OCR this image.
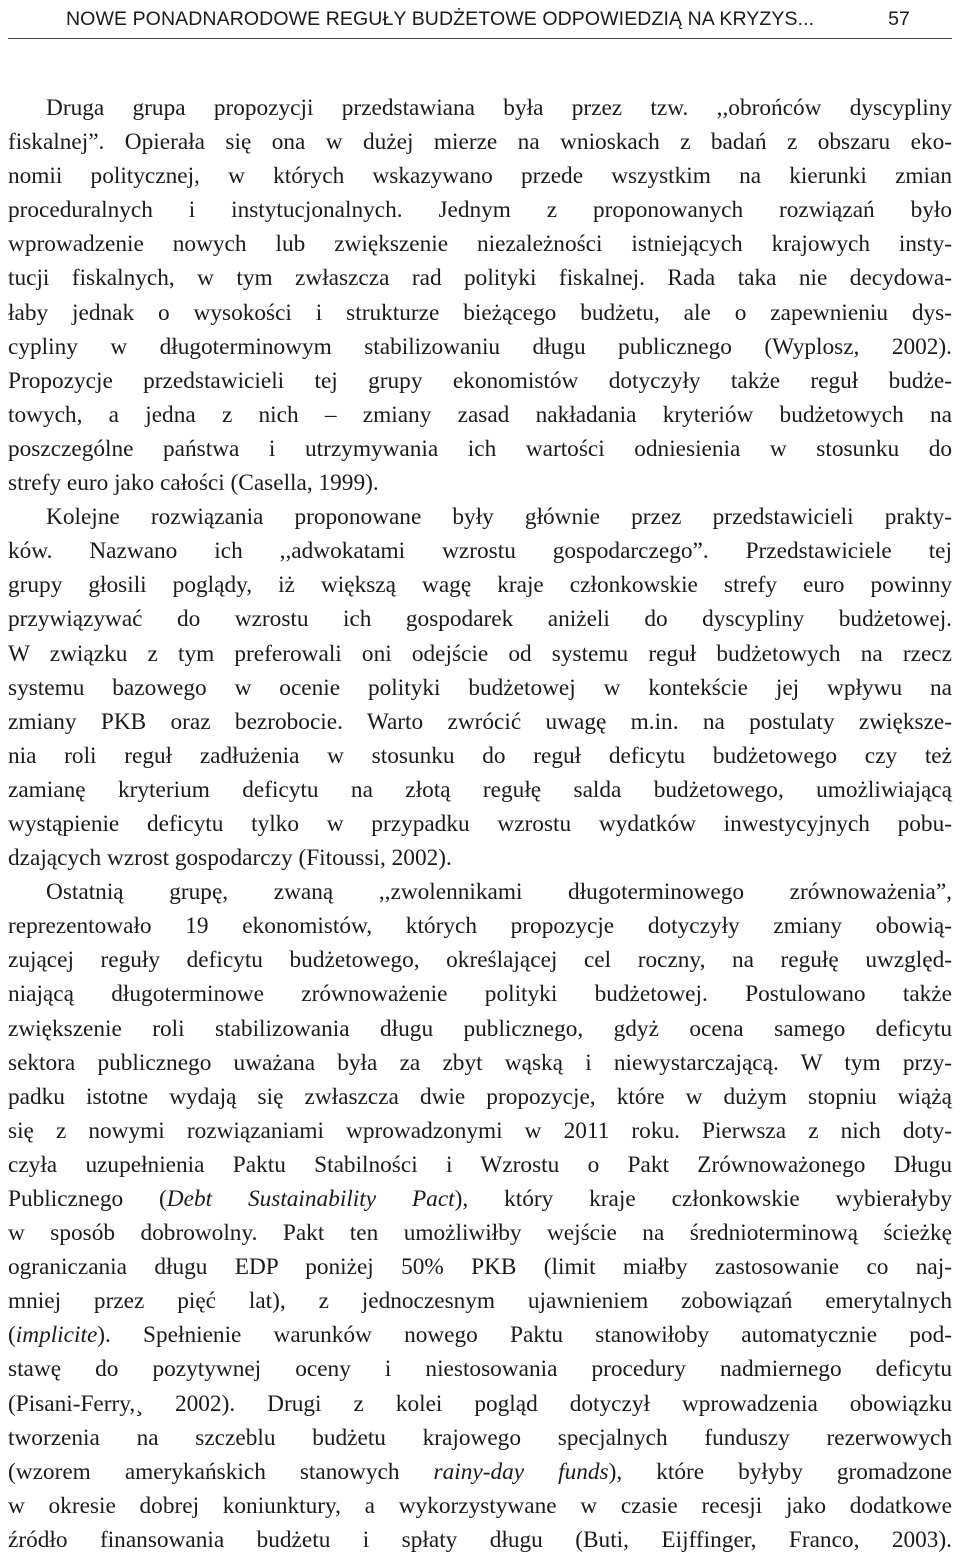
NOWE PONADNARODOWE REGUŁY BUDŻETOWE ODPOWIEDZIĄ NA KRYZYS...	57
Druga grupa propozycji przedstawiana była przez tzw. ,,obrońców dyscypliny
fiskalnej”. Opierała się ona w dużej mierze na wnioskach z badań z obszaru eko-
nomii politycznej, w których wskazywano przede wszystkim na kierunki zmian
proceduralnych i instytucjonalnych. Jednym z proponowanych rozwiązań było
wprowadzenie nowych lub zwiększenie niezależności istniejących krajowych insty-
tucji fiskalnych, w tym zwłaszcza rad polityki fiskalnej. Rada taka nie decydowa-
łaby jednak o wysokości i strukturze bieżącego budżetu, ale o zapewnieniu dys-
cypliny w długoterminowym stabilizowaniu długu publicznego (Wyplosz, 2002).
Propozycje przedstawicieli tej grupy ekonomistów dotyczyły także reguł budże-
towych, a jedna z nich – zmiany zasad nakładania kryteriów budżetowych na
poszczególne państwa i utrzymywania ich wartości odniesienia w stosunku do
strefy euro jako całości (Casella, 1999).
Kolejne rozwiązania proponowane były głównie przez przedstawicieli prakty-
ków. Nazwano ich ,,adwokatami wzrostu gospodarczego”. Przedstawiciele tej
grupy głosili poglądy, iż większą wagę kraje członkowskie strefy euro powinny
przywiązywać do wzrostu ich gospodarek aniżeli do dyscypliny budżetowej.
W związku z tym preferowali oni odejście od systemu reguł budżetowych na rzecz
systemu bazowego w ocenie polityki budżetowej w kontekście jej wpływu na
zmiany PKB oraz bezrobocie. Warto zwrócić uwagę m.in. na postulaty zwiększe-
nia roli reguł zadłużenia w stosunku do reguł deficytu budżetowego czy też
zamianę kryterium deficytu na złotą regułę salda budżetowego, umożliwiającą
wystąpienie deficytu tylko w przypadku wzrostu wydatków inwestycyjnych pobu-
dzających wzrost gospodarczy (Fitoussi, 2002).
Ostatnią grupę, zwaną ,,zwolennikami długoterminowego zrównoważenia”,
reprezentowało 19 ekonomistów, których propozycje dotyczyły zmiany obowią-
zującej reguły deficytu budżetowego, określającej cel roczny, na regułę uwzględ-
niającą długoterminowe zrównoważenie polityki budżetowej. Postulowano także
zwiększenie roli stabilizowania długu publicznego, gdyż ocena samego deficytu
sektora publicznego uważana była za zbyt wąską i niewystarczającą. W tym przy-
padku istotne wydają się zwłaszcza dwie propozycje, które w dużym stopniu wiążą
się z nowymi rozwiązaniami wprowadzonymi w 2011 roku. Pierwsza z nich doty-
czyła uzupełnienia Paktu Stabilności i Wzrostu o Pakt Zrównoważonego Długu
Publicznego (Debt Sustainability Pact), który kraje członkowskie wybierałyby
w sposób dobrowolny. Pakt ten umożliwiłby wejście na średnioterminową ścieżkę
ograniczania długu EDP poniżej 50% PKB (limit miałby zastosowanie co naj-
mniej przez pięć lat), z jednoczesnym ujawnieniem zobowiązań emerytalnych
(implicite). Spełnienie warunków nowego Paktu stanowiłoby automatycznie pod-
stawę do pozytywnej oceny i niestosowania procedury nadmiernego deficytu
(Pisani-Ferry,¸ 2002). Drugi z kolei pogląd dotyczył wprowadzenia obowiązku
tworzenia na szczeblu budżetu krajowego specjalnych funduszy rezerwowych
(wzorem amerykańskich stanowych rainy-day funds), które byłyby gromadzone
w okresie dobrej koniunktury, a wykorzystywane w czasie recesji jako dodatkowe
źródło finansowania budżetu i spłaty długu (Buti, Eijffinger, Franco, 2003).
